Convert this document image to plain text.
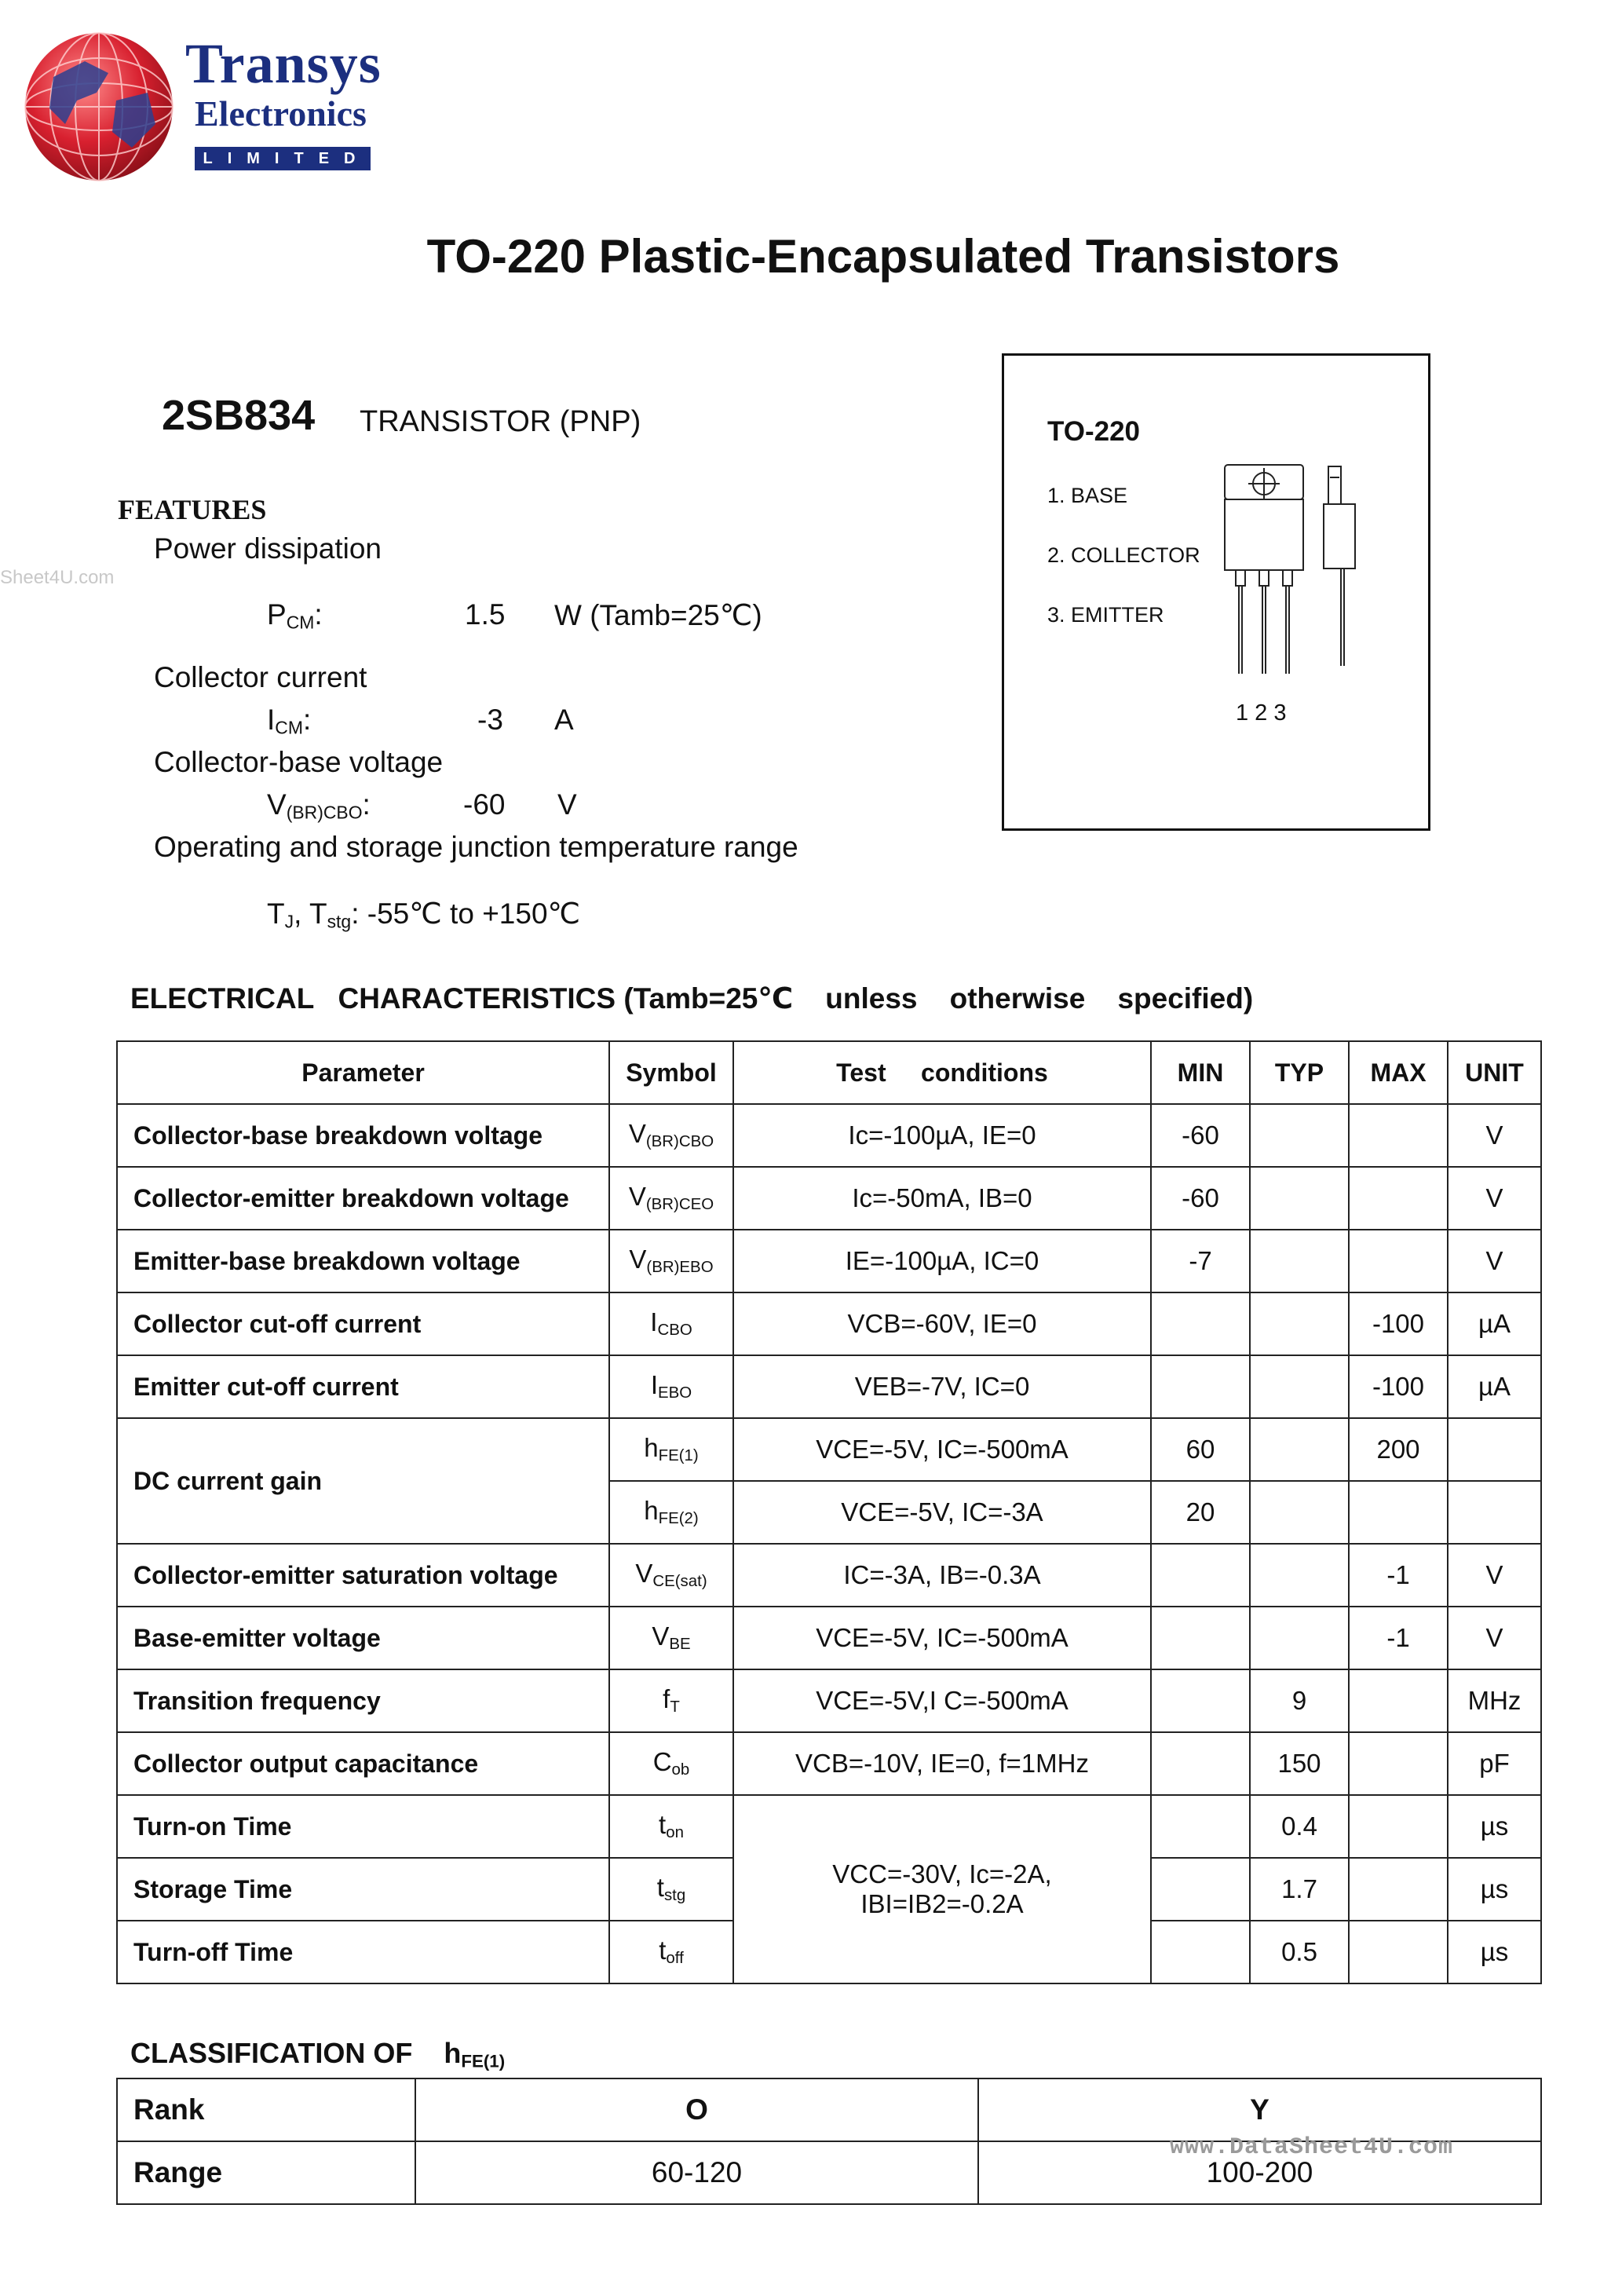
Transys
Electronics
LIMITED
TO-220 Plastic-Encapsulated Transistors
2SB834 TRANSISTOR (PNP)
FEATURES
Sheet4U.com
Power dissipation
$P_{CM}$:	1.5 W (Tamb=25℃)
Collector current
$I_{CM}$:	-3 A
Collector-base voltage
$V_{(BR)CBO}$:	-60 V
Operating and storage junction temperature range
$T_J$, $T_{stg}$: -55℃ to +150℃
TO-220
1. BASE
2. COLLECTOR
3. EMITTER
1 2 3
ELECTRICAL   CHARACTERISTICS (Tamb=25℃    unless    otherwise    specified)
Parameter	Symbol	Test     conditions	MIN	TYP	MAX	UNIT
Collector-base breakdown voltage	$V_{(BR)CBO}$	Ic=-100µA, IE=0	-60			V
Collector-emitter breakdown voltage	$V_{(BR)CEO}$	Ic=-50mA, IB=0	-60			V
Emitter-base breakdown voltage	$V_{(BR)EBO}$	IE=-100µA, IC=0	-7			V
Collector cut-off current	$I_{CBO}$	VCB=-60V, IE=0			-100	µA
Emitter cut-off current	$I_{EBO}$	VEB=-7V, IC=0			-100	µA
DC current gain	$h_{FE(1)}$	VCE=-5V, IC=-500mA	60		200	
	$h_{FE(2)}$	VCE=-5V, IC=-3A	20			
Collector-emitter saturation voltage	$V_{CE(sat)}$	IC=-3A, IB=-0.3A			-1	V
Base-emitter voltage	$V_{BE}$	VCE=-5V, IC=-500mA			-1	V
Transition frequency	$f_T$	VCE=-5V,I C=-500mA		9		MHz
Collector output capacitance	$C_{ob}$	VCB=-10V, IE=0, f=1MHz		150		pF
Turn-on Time	$t_{on}$	VCC=-30V, Ic=-2A,
IBI=IB2=-0.2A		0.4		µs
Storage Time	$t_{stg}$			1.7		µs
Turn-off Time	$t_{off}$			0.5		µs
CLASSIFICATION OF $h_{FE(1)}$
Rank	O	Y
Range	60-120	100-200
www.DataSheet4U.com
